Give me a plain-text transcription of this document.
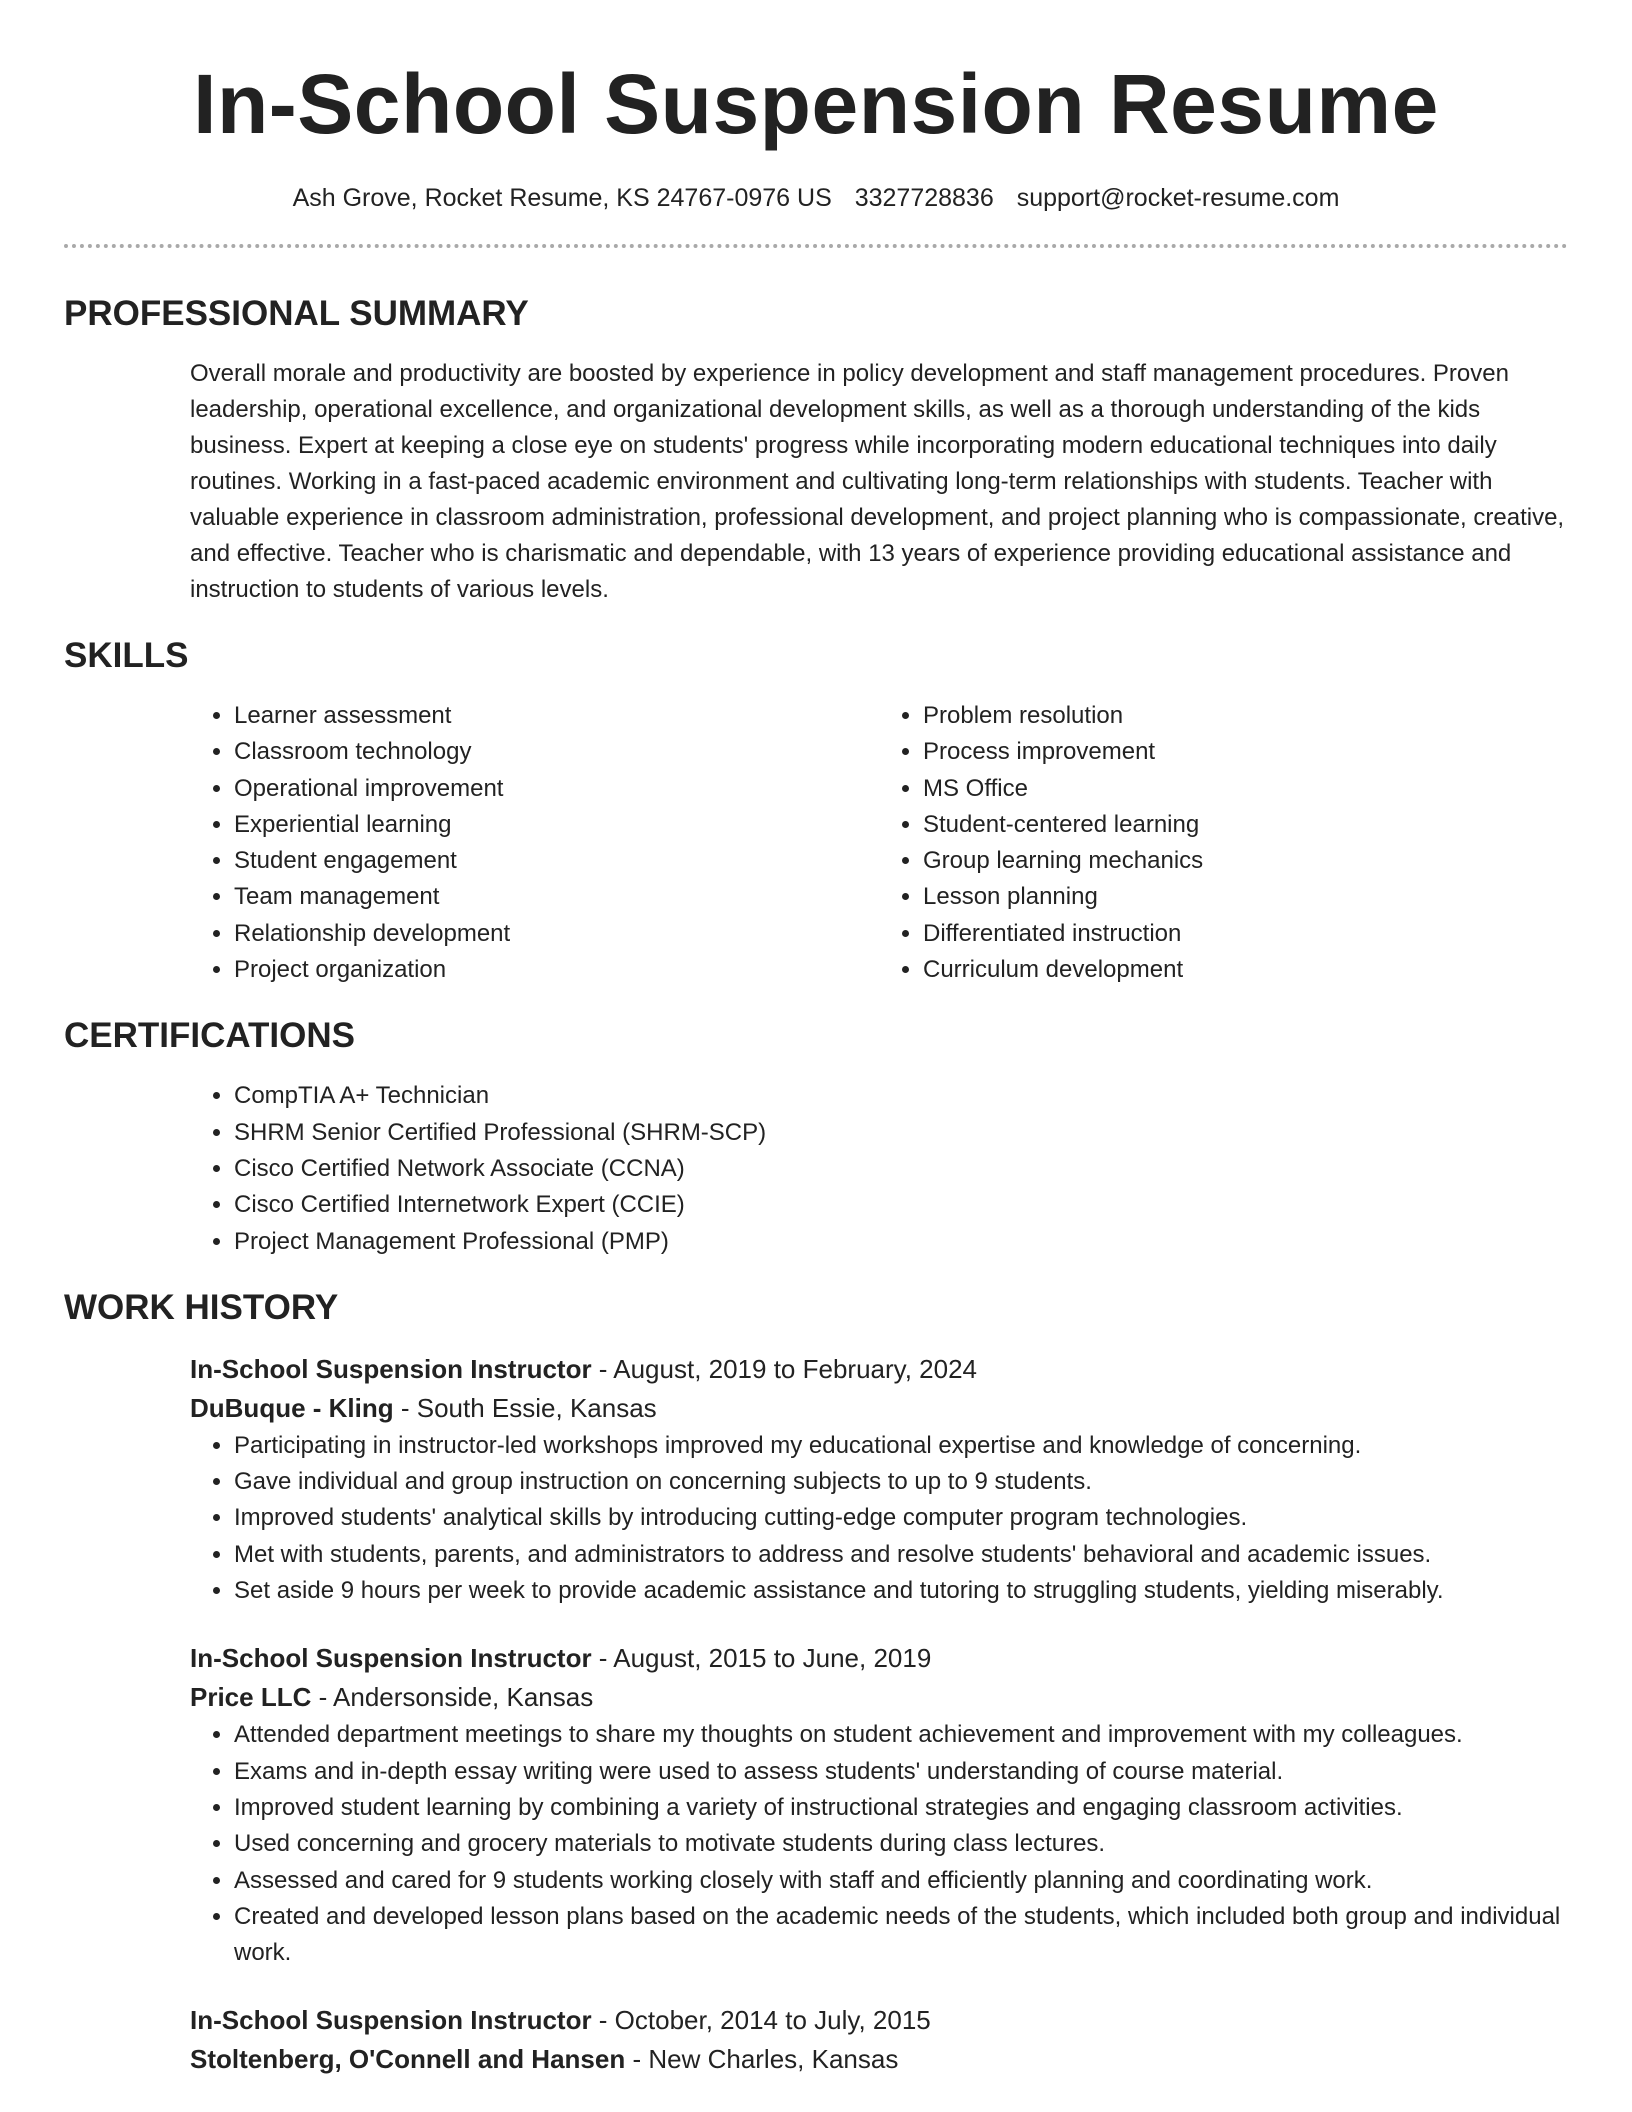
In-School Suspension Resume
Ash Grove, Rocket Resume, KS 24767-0976 US 3327728836 support@rocket-resume.com
PROFESSIONAL SUMMARY
Overall morale and productivity are boosted by experience in policy development and staff management procedures. Proven leadership, operational excellence, and organizational development skills, as well as a thorough understanding of the kids business. Expert at keeping a close eye on students' progress while incorporating modern educational techniques into daily routines. Working in a fast-paced academic environment and cultivating long-term relationships with students. Teacher with valuable experience in classroom administration, professional development, and project planning who is compassionate, creative, and effective. Teacher who is charismatic and dependable, with 13 years of experience providing educational assistance and instruction to students of various levels.
SKILLS
• Learner assessment
• Classroom technology
• Operational improvement
• Experiential learning
• Student engagement
• Team management
• Relationship development
• Project organization
• Problem resolution
• Process improvement
• MS Office
• Student-centered learning
• Group learning mechanics
• Lesson planning
• Differentiated instruction
• Curriculum development
CERTIFICATIONS
• CompTIA A+ Technician
• SHRM Senior Certified Professional (SHRM-SCP)
• Cisco Certified Network Associate (CCNA)
• Cisco Certified Internetwork Expert (CCIE)
• Project Management Professional (PMP)
WORK HISTORY
In-School Suspension Instructor - August, 2019 to February, 2024
DuBuque - Kling - South Essie, Kansas
• Participating in instructor-led workshops improved my educational expertise and knowledge of concerning.
• Gave individual and group instruction on concerning subjects to up to 9 students.
• Improved students' analytical skills by introducing cutting-edge computer program technologies.
• Met with students, parents, and administrators to address and resolve students' behavioral and academic issues.
• Set aside 9 hours per week to provide academic assistance and tutoring to struggling students, yielding miserably.
In-School Suspension Instructor - August, 2015 to June, 2019
Price LLC - Andersonside, Kansas
• Attended department meetings to share my thoughts on student achievement and improvement with my colleagues.
• Exams and in-depth essay writing were used to assess students' understanding of course material.
• Improved student learning by combining a variety of instructional strategies and engaging classroom activities.
• Used concerning and grocery materials to motivate students during class lectures.
• Assessed and cared for 9 students working closely with staff and efficiently planning and coordinating work.
• Created and developed lesson plans based on the academic needs of the students, which included both group and individual work.
In-School Suspension Instructor - October, 2014 to July, 2015
Stoltenberg, O'Connell and Hansen - New Charles, Kansas
